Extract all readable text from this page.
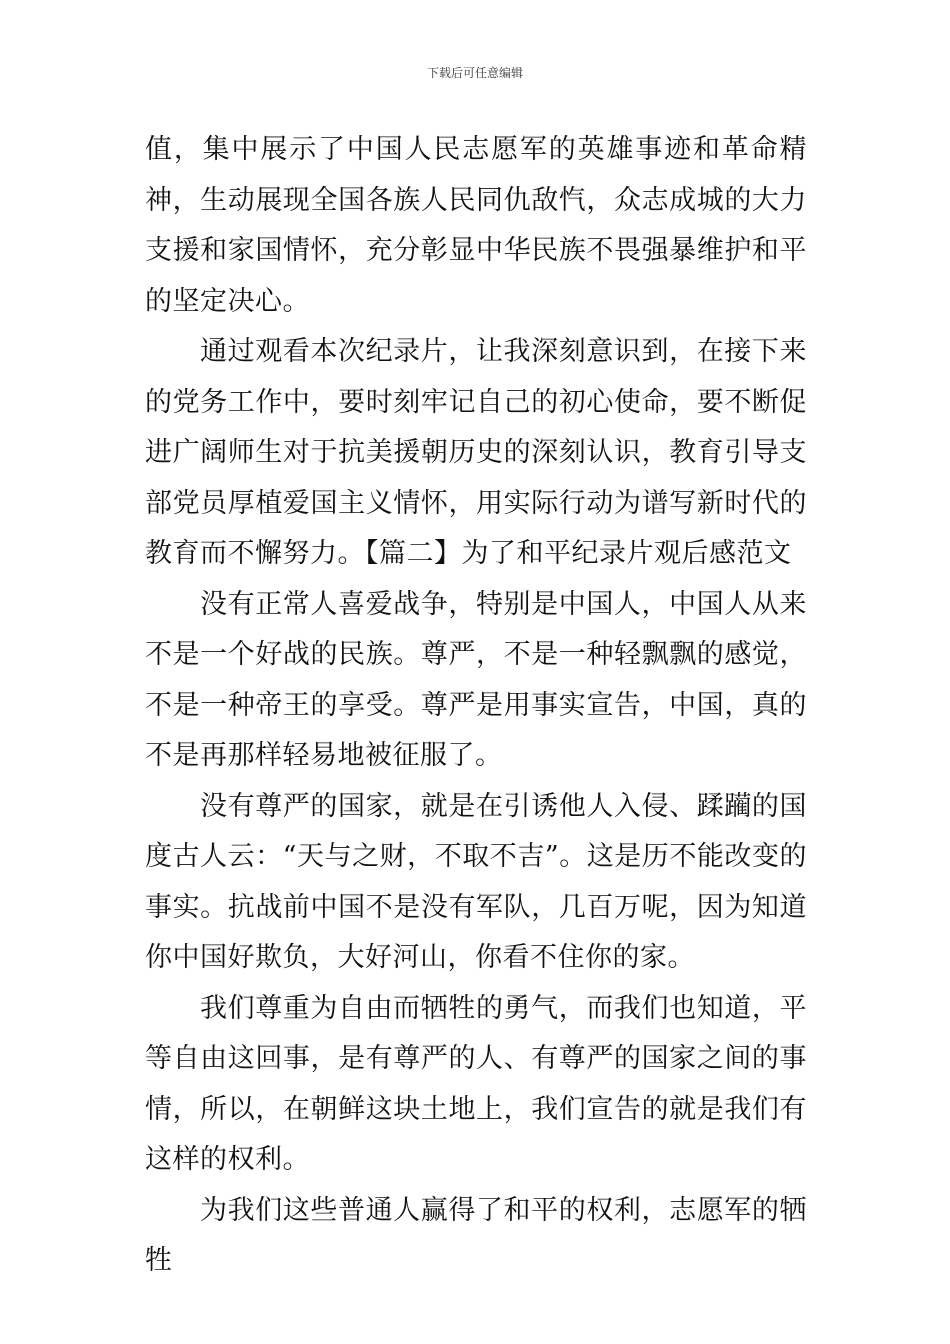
下载后可任意编辑

值，集中展示了中国人民志愿军的英雄事迹和革命精神，生动展现全国各族人民同仇敌忾，众志成城的大力支援和家国情怀，充分彰显中华民族不畏强暴维护和平的坚定决心。

通过观看本次纪录片，让我深刻意识到，在接下来的党务工作中，要时刻牢记自己的初心使命，要不断促进广阔师生对于抗美援朝历史的深刻认识，教育引导支部党员厚植爱国主义情怀，用实际行动为谱写新时代的教育而不懈努力。【篇二】为了和平纪录片观后感范文

没有正常人喜爱战争，特别是中国人，中国人从来不是一个好战的民族。尊严，不是一种轻飘飘的感觉，不是一种帝王的享受。尊严是用事实宣告，中国，真的不是再那样轻易地被征服了。

没有尊严的国家，就是在引诱他人入侵、蹂躏的国度古人云：“天与之财，不取不吉”。这是历不能改变的事实。抗战前中国不是没有军队，几百万呢，因为知道你中国好欺负，大好河山，你看不住你的家。

我们尊重为自由而牺牲的勇气，而我们也知道，平等自由这回事，是有尊严的人、有尊严的国家之间的事情，所以，在朝鲜这块土地上，我们宣告的就是我们有这样的权利。

为我们这些普通人赢得了和平的权利，志愿军的牺牲
